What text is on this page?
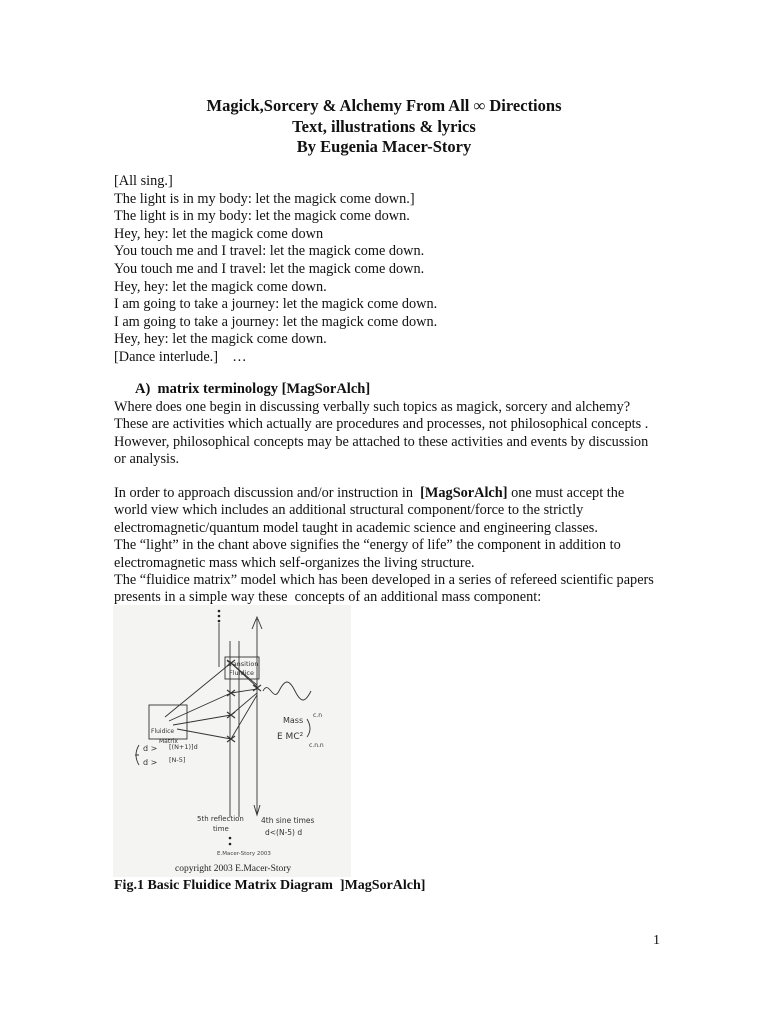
Magick,Sorcery & Alchemy From All ∞ Directions
Text, illustrations & lyrics
By Eugenia Macer-Story
[All sing.]
The light is in my body: let the magick come down.]
The light is in my body: let the magick come down.
Hey, hey: let the magick come down
You touch me and I travel: let the magick come down.
You touch me and I travel: let the magick come down.
Hey, hey: let the magick come down.
I am going to take a journey: let the magick come down.
I am going to take a journey: let the magick come down.
Hey, hey: let the magick come down.
[Dance interlude.]    …
A)  matrix terminology [MagSorAlch]
Where does one begin in discussing verbally such topics as magick, sorcery and alchemy? These are activities which actually are procedures and processes, not philosophical concepts . However, philosophical concepts may be attached to these activities and events by discussion or analysis.
In order to approach discussion and/or instruction in  [MagSorAlch] one must accept the world view which includes an additional structural component/force to the strictly electromagnetic/quantum model taught in academic science and engineering classes.
The “light” in the chant above signifies the “energy of life” the component in addition to electromagnetic mass which self-organizes the living structure.
The “fluidice matrix” model which has been developed in a series of refereed scientific papers  presents in a simple way these  concepts of an additional mass component:
Transition
Fluidice
Fluidice
Matrix
Mass
c.n
E MC²
c.n.n
d >
d >
[(N+1)]d
[N-5]
5th reflection
time
4th sine times
d<(N-5) d
E.Macer-Story 2003
copyright 2003 E.Macer-Story
Fig.1 Basic Fluidice Matrix Diagram  ]MagSorAlch]
1
